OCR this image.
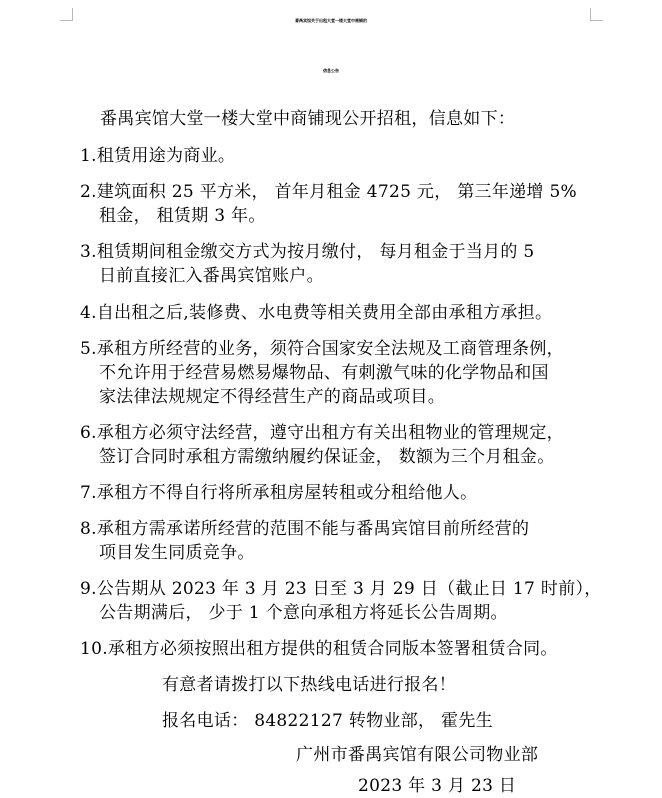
番禺宾馆关于出租大堂一楼大堂中商铺的
信息公告
番禺宾馆大堂一楼大堂中商铺现公开招租，信息如下：
1.租赁用途为商业。
2.建筑面积 25 平方米， 首年月租金 4725 元， 第三年递增 5%
租金， 租赁期 3 年。
3.租赁期间租金缴交方式为按月缴付， 每月租金于当月的 5
日前直接汇入番禺宾馆账户。
4.自出租之后,装修费、水电费等相关费用全部由承租方承担。
5.承租方所经营的业务，须符合国家安全法规及工商管理条例，
不允许用于经营易燃易爆物品、有刺激气味的化学物品和国
家法律法规规定不得经营生产的商品或项目。
6.承租方必须守法经营，遵守出租方有关出租物业的管理规定，
签订合同时承租方需缴纳履约保证金， 数额为三个月租金。
7.承租方不得自行将所承租房屋转租或分租给他人。
8.承租方需承诺所经营的范围不能与番禺宾馆目前所经营的
项目发生同质竞争。
9.公告期从 2023 年 3 月 23 日至 3 月 29 日（截止日 17 时前），
公告期满后， 少于 1 个意向承租方将延长公告周期。
10.承租方必须按照出租方提供的租赁合同版本签署租赁合同。
有意者请拨打以下热线电话进行报名！
报名电话： 84822127 转物业部， 霍先生
广州市番禺宾馆有限公司物业部
2023 年 3 月 23 日
